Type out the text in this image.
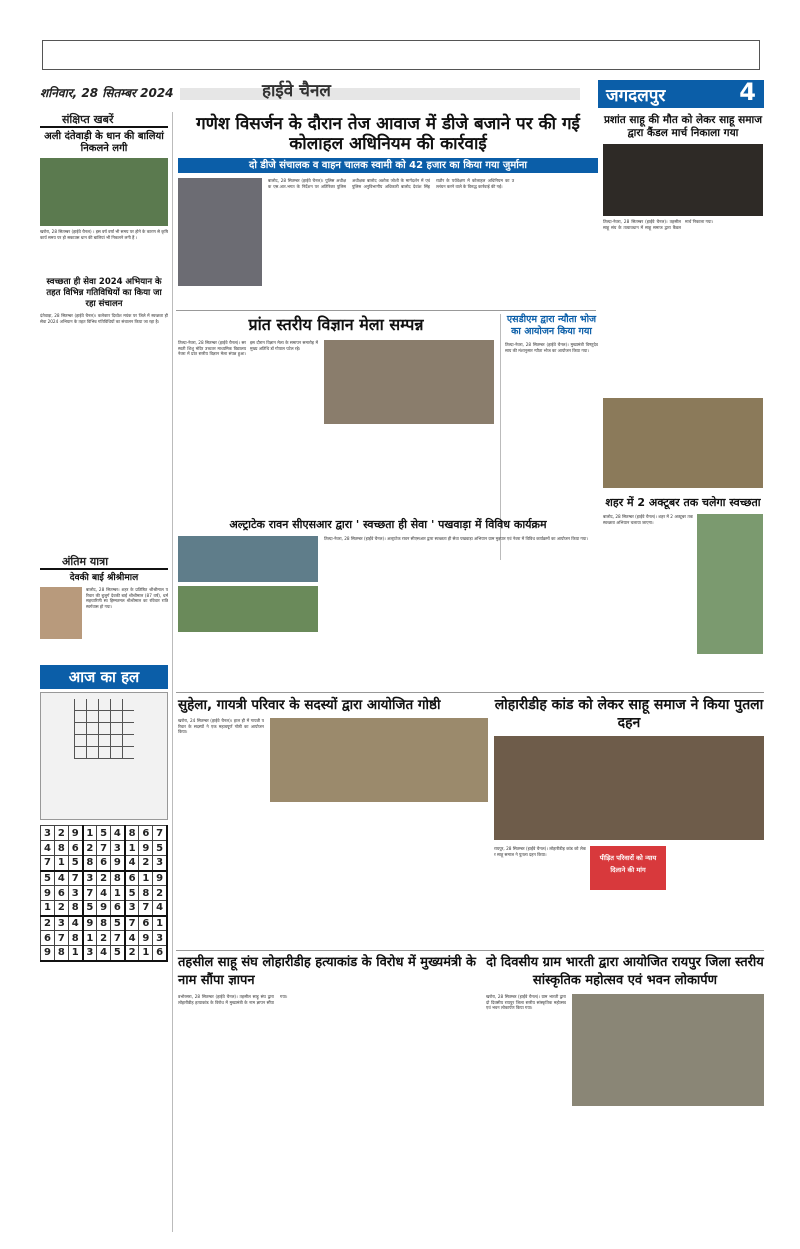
शनिवार, 28 सितम्बर 2024	हाईवे चैनल	जगदलपुर	4
संक्षिप्त खबरें
अली दंतेवाड़ी के धान की बालियां निकलने लगी
खरोरा, 28 सितम्बर (हाईवे चैनल) । इस वर्ष वर्षा भी समय पर होने के कारण से कृषि कार्य समय पर हो सकाउस धान की बालियां भी निकलने लगी हैं ।
स्वच्छता ही सेवा 2024 अभियान के तहत विभिन्न गतिविधियों का किया जा रहा संचालन
दंतेवाड़ा, 28 सितम्बर (हाईवे चैनल)। कलेक्टर दिव्येश मयंक पर जिले में स्वच्छता ही सेवा 2024 अभियान के तहत विभिन्न गतिविधियों का संचालन किया जा रहा है।
अंतिम यात्रा
देवकी बाई श्रीश्रीमाल
बालोद, 28 सितम्बर। शहर के प्रतिष्ठित श्रीश्रीमाल परिवार की बुजुर्ग देवकी बाई श्रीश्रीमाल (87 वर्ष), धर्मसहचारिणी स्व हिम्मतमल श्रीश्रीमाल का रविवार रात्रि स्वर्गवास हो गया।
आज का हल
3	2	9	1	5	4	8	6	7
4	8	6	2	7	3	1	9	5
7	1	5	8	6	9	4	2	3
5	4	7	3	2	8	6	1	9
9	6	3	7	4	1	5	8	2
1	2	8	5	9	6	3	7	4
2	3	4	9	8	5	7	6	1
6	7	8	1	2	7	4	9	3
9	8	1	3	4	5	2	1	6
गणेश विसर्जन के दौरान तेज आवाज में डीजे बजाने पर की गई कोलाहल अधिनियम की कार्रवाई
दो डीजे संचालक व वाहन चालक स्वामी को 42 हजार का किया गया जुर्माना
बालोद, 28 सितम्बर (हाईवे चैनल)। पुलिस अधीक्षक एस.आर.भगत के निर्देशन पर अतिरिक्त पुलिस अधीक्षक बालोद अशोक जोशी के मार्गदर्शन में एवं पुलिस अनुविभागीय अधिकारी बालोद देवांश सिंह राठौर के पर्यवेक्षण में कोलाहल अधिनियम का उल्लंघन करने वाले के विरुद्ध कार्रवाई की गई।
प्रशांत साहू की मौत को लेकर साहू समाज द्वारा कैंडल मार्च निकाला गया
तिल्दा-नेवरा, 28 सितम्बर (हाईवे चैनल)। तहसील साहू संघ के तत्वावधान में साहू समाज द्वारा कैंडल मार्च निकाला गया।
प्रांत स्तरीय विज्ञान मेला सम्पन्न
तिल्दा-नेवरा, 28 सितम्बर (हाईवे चैनल)। सरस्वती शिशु मंदिर उच्चतर माध्यमिक विद्यालय नेवरा में प्रांत स्तरीय विज्ञान मेला संपन्न हुआ। इस दौरान विज्ञान मेला के समापन समारोह में मुख्य अतिथि डॉ गोपाल पटेल रहे।
एसडीएम द्वारा न्यौता भोज का आयोजन किया गया
तिल्दा-नेवरा, 28 सितम्बर (हाईवे चैनल)। मुख्यमंत्री विष्णुदेव साय की मंशानुसार न्यौता भोज का आयोजन किया गया।
शहर में 2 अक्टूबर तक चलेगा स्वच्छता
बालोद, 28 सितम्बर (हाईवे चैनल)। शहर में 2 अक्टूबर तक स्वच्छता अभियान चलाया जाएगा।
अल्ट्राटेक रावन सीएसआर द्वारा ' स्वच्छता ही सेवा ' पखवाड़ा में विविध कार्यक्रम
तिल्दा-नेवरा, 28 सितम्बर (हाईवे चैनल)। अल्ट्राटेक रावन सीएसआर द्वारा स्वच्छता ही सेवा पखवाड़ा अभियान ग्राम मुड़पार एवं नेवरा में विविध कार्यक्रमों का आयोजन किया गया।
सुहेला, गायत्री परिवार के सदस्यों द्वारा आयोजित गोष्ठी
खरोरा, 24 सितम्बर (हाईवे चैनल)। हाल ही में गायत्री परिवार के सदस्यों ने एक महत्वपूर्ण गोष्ठी का आयोजन किया।
लोहारीडीह कांड को लेकर साहू समाज ने किया पुतला दहन
रायपुर, 28 सितम्बर (हाईवे चैनल)। लोहारीडीह कांड को लेकर साहू समाज ने पुतला दहन किया।	पीड़ित परिवारों को न्याय
दिलाने की मांग
तहसील साहू संघ लोहारीडीह हत्याकांड के विरोध में मुख्यमंत्री के नाम सौंपा ज्ञापन
डभोरसरा, 28 सितम्बर (हाईवे चैनल)। तहसील साहू संघ द्वारा लोहारीडीह हत्याकांड के विरोध में मुख्यमंत्री के नाम ज्ञापन सौंपा गया।
दो दिवसीय ग्राम भारती द्वारा आयोजित रायपुर जिला स्तरीय सांस्कृतिक महोत्सव एवं भवन लोकार्पण
खरोरा, 28 सितम्बर (हाईवे चैनल)। ग्राम भारती द्वारा दो दिवसीय रायपुर जिला स्तरीय सांस्कृतिक महोत्सव एवं भवन लोकार्पण किया गया।
